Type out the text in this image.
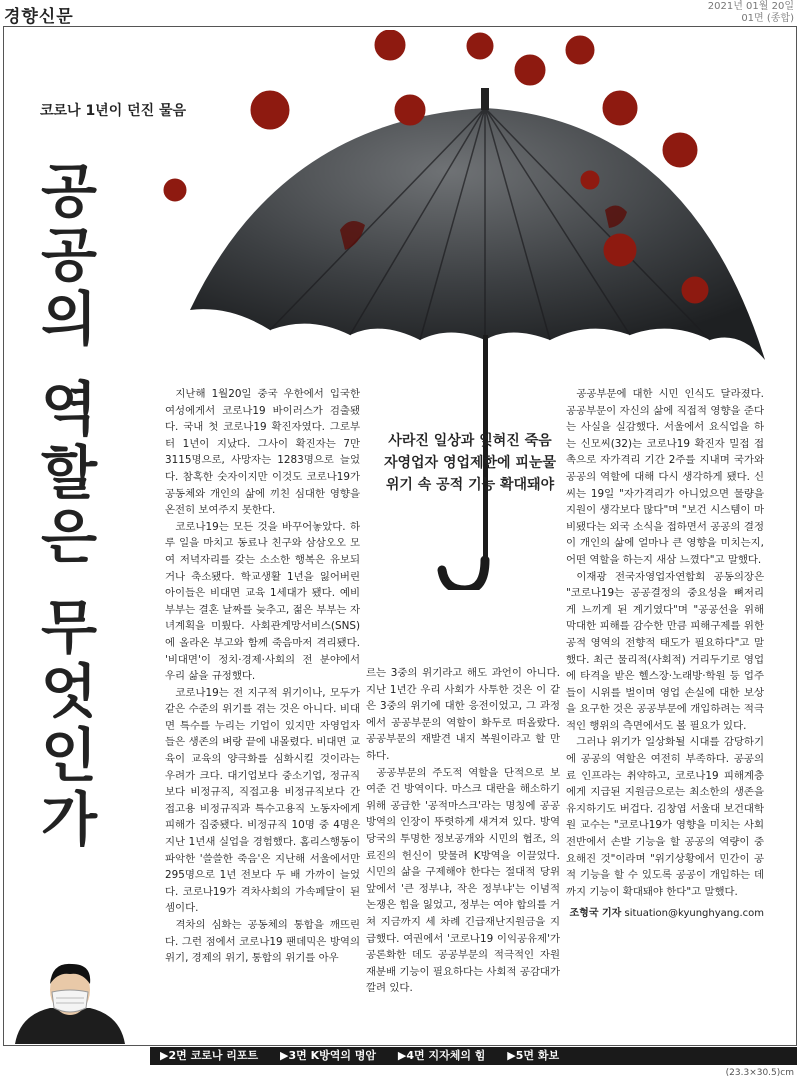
경향신문
2021년 01월 20일
01면 (종합)
코로나 1년이 던진 물음
공공의 역할은 무엇인가	사라진 일상과 잊혀진 죽음
자영업자 영업제한에 피눈물
위기 속 공적 기능 확대돼야

지난해 1월20일 중국 우한에서 입국한 여성에게서 코로나19 바이러스가 검출됐다. 국내 첫 코로나19 확진자였다. 그로부터 1년이 지났다. 그사이 확진자는 7만 3115명으로, 사망자는 1283명으로 늘었다. 참혹한 숫자이지만 이것도 코로나19가 공동체와 개인의 삶에 끼친 심대한 영향을 온전히 보여주지 못한다.

코로나19는 모든 것을 바꾸어놓았다. 하루 일을 마치고 동료나 친구와 삼삼오오 모여 저녁자리를 갖는 소소한 행복은 유보되거나 축소됐다. 학교생활 1년을 잃어버린 아이들은 비대면 교육 1세대가 됐다. 예비부부는 결혼 날짜를 늦추고, 젊은 부부는 자녀계획을 미뤘다. 사회관계망서비스(SNS)에 올라온 부고와 함께 죽음마저 격리됐다. '비대면'이 정치·경제·사회의 전 분야에서 우리 삶을 규정했다.

코로나19는 전 지구적 위기이나, 모두가 같은 수준의 위기를 겪는 것은 아니다. 비대면 특수를 누리는 기업이 있지만 자영업자들은 생존의 벼랑 끝에 내몰렸다. 비대면 교육이 교육의 양극화를 심화시킬 것이라는 우려가 크다. 대기업보다 중소기업, 정규직보다 비정규직, 직접고용 비정규직보다 간접고용 비정규직과 특수고용직 노동자에게 피해가 집중됐다. 비정규직 10명 중 4명은 지난 1년새 실업을 경험했다. 홈리스행동이 파악한 '쓸쓸한 죽음'은 지난해 서울에서만 295명으로 1년 전보다 두 배 가까이 늘었다. 코로나19가 격차사회의 가속페달이 된 셈이다.

격차의 심화는 공동체의 통합을 깨뜨린다. 그런 점에서 코로나19 팬데믹은 방역의 위기, 경제의 위기, 통합의 위기를 아우

르는 3중의 위기라고 해도 과언이 아니다. 지난 1년간 우리 사회가 사투한 것은 이 같은 3중의 위기에 대한 응전이었고, 그 과정에서 공공부문의 역할이 화두로 떠올랐다. 공공부문의 재발견 내지 복원이라고 할 만하다.

공공부문의 주도적 역할을 단적으로 보여준 건 방역이다. 마스크 대란을 해소하기 위해 공급한 '공적마스크'라는 명칭에 공공 방역의 인장이 뚜렷하게 새겨져 있다. 방역당국의 투명한 정보공개와 시민의 협조, 의료진의 헌신이 맞물려 K방역을 이끌었다. 시민의 삶을 구제해야 한다는 절대적 당위 앞에서 '큰 정부냐, 작은 정부냐'는 이념적 논쟁은 힘을 잃었고, 정부는 여야 합의를 거쳐 지금까지 세 차례 긴급재난지원금을 지급했다. 여권에서 '코로나19 이익공유제'가 공론화한 데도 공공부문의 적극적인 자원 재분배 기능이 필요하다는 사회적 공감대가 깔려 있다.

공공부문에 대한 시민 인식도 달라졌다. 공공부문이 자신의 삶에 직접적 영향을 준다는 사실을 실감했다. 서울에서 요식업을 하는 신모씨(32)는 코로나19 확진자 밀접 접촉으로 자가격리 기간 2주를 지내며 국가와 공공의 역할에 대해 다시 생각하게 됐다. 신씨는 19일 "자가격리가 아니었으면 물량을 지원이 생각보다 많다"며 "보건 시스템이 마비됐다는 외국 소식을 접하면서 공공의 결정이 개인의 삶에 얼마나 큰 영향을 미치는지, 어떤 역할을 하는지 새삼 느꼈다"고 말했다.

이재광 전국자영업자연합회 공동의장은 "코로나19는 공공결정의 중요성을 뼈저리게 느끼게 된 계기였다"며 "공공선을 위해 막대한 피해를 감수한 만큼 피해구제를 위한 공적 영역의 전향적 태도가 필요하다"고 말했다. 최근 물리적(사회적) 거리두기로 영업에 타격을 받은 헬스장·노래방·학원 등 업주들이 시위를 벌이며 영업 손실에 대한 보상을 요구한 것은 공공부문에 개입하려는 적극적인 행위의 측면에서도 볼 필요가 있다.

그러나 위기가 일상화될 시대를 감당하기에 공공의 역할은 여전히 부족하다. 공공의료 인프라는 취약하고, 코로나19 피해계층에게 지급된 지원금으로는 최소한의 생존을 유지하기도 버겁다. 김창엽 서울대 보건대학원 교수는 "코로나19가 영향을 미치는 사회 전반에서 손발 기능을 할 공공의 역량이 중요해진 것"이라며 "위기상황에서 민간이 공적 기능을 할 수 있도록 공공이 개입하는 데까지 기능이 확대돼야 한다"고 말했다.

조형국 기자 situation@kyunghyang.com
▶2면 코로나 리포트 ▶3면 K방역의 명암 ▶4면 지자체의 힘 ▶5면 화보
(23.3×30.5)cm
